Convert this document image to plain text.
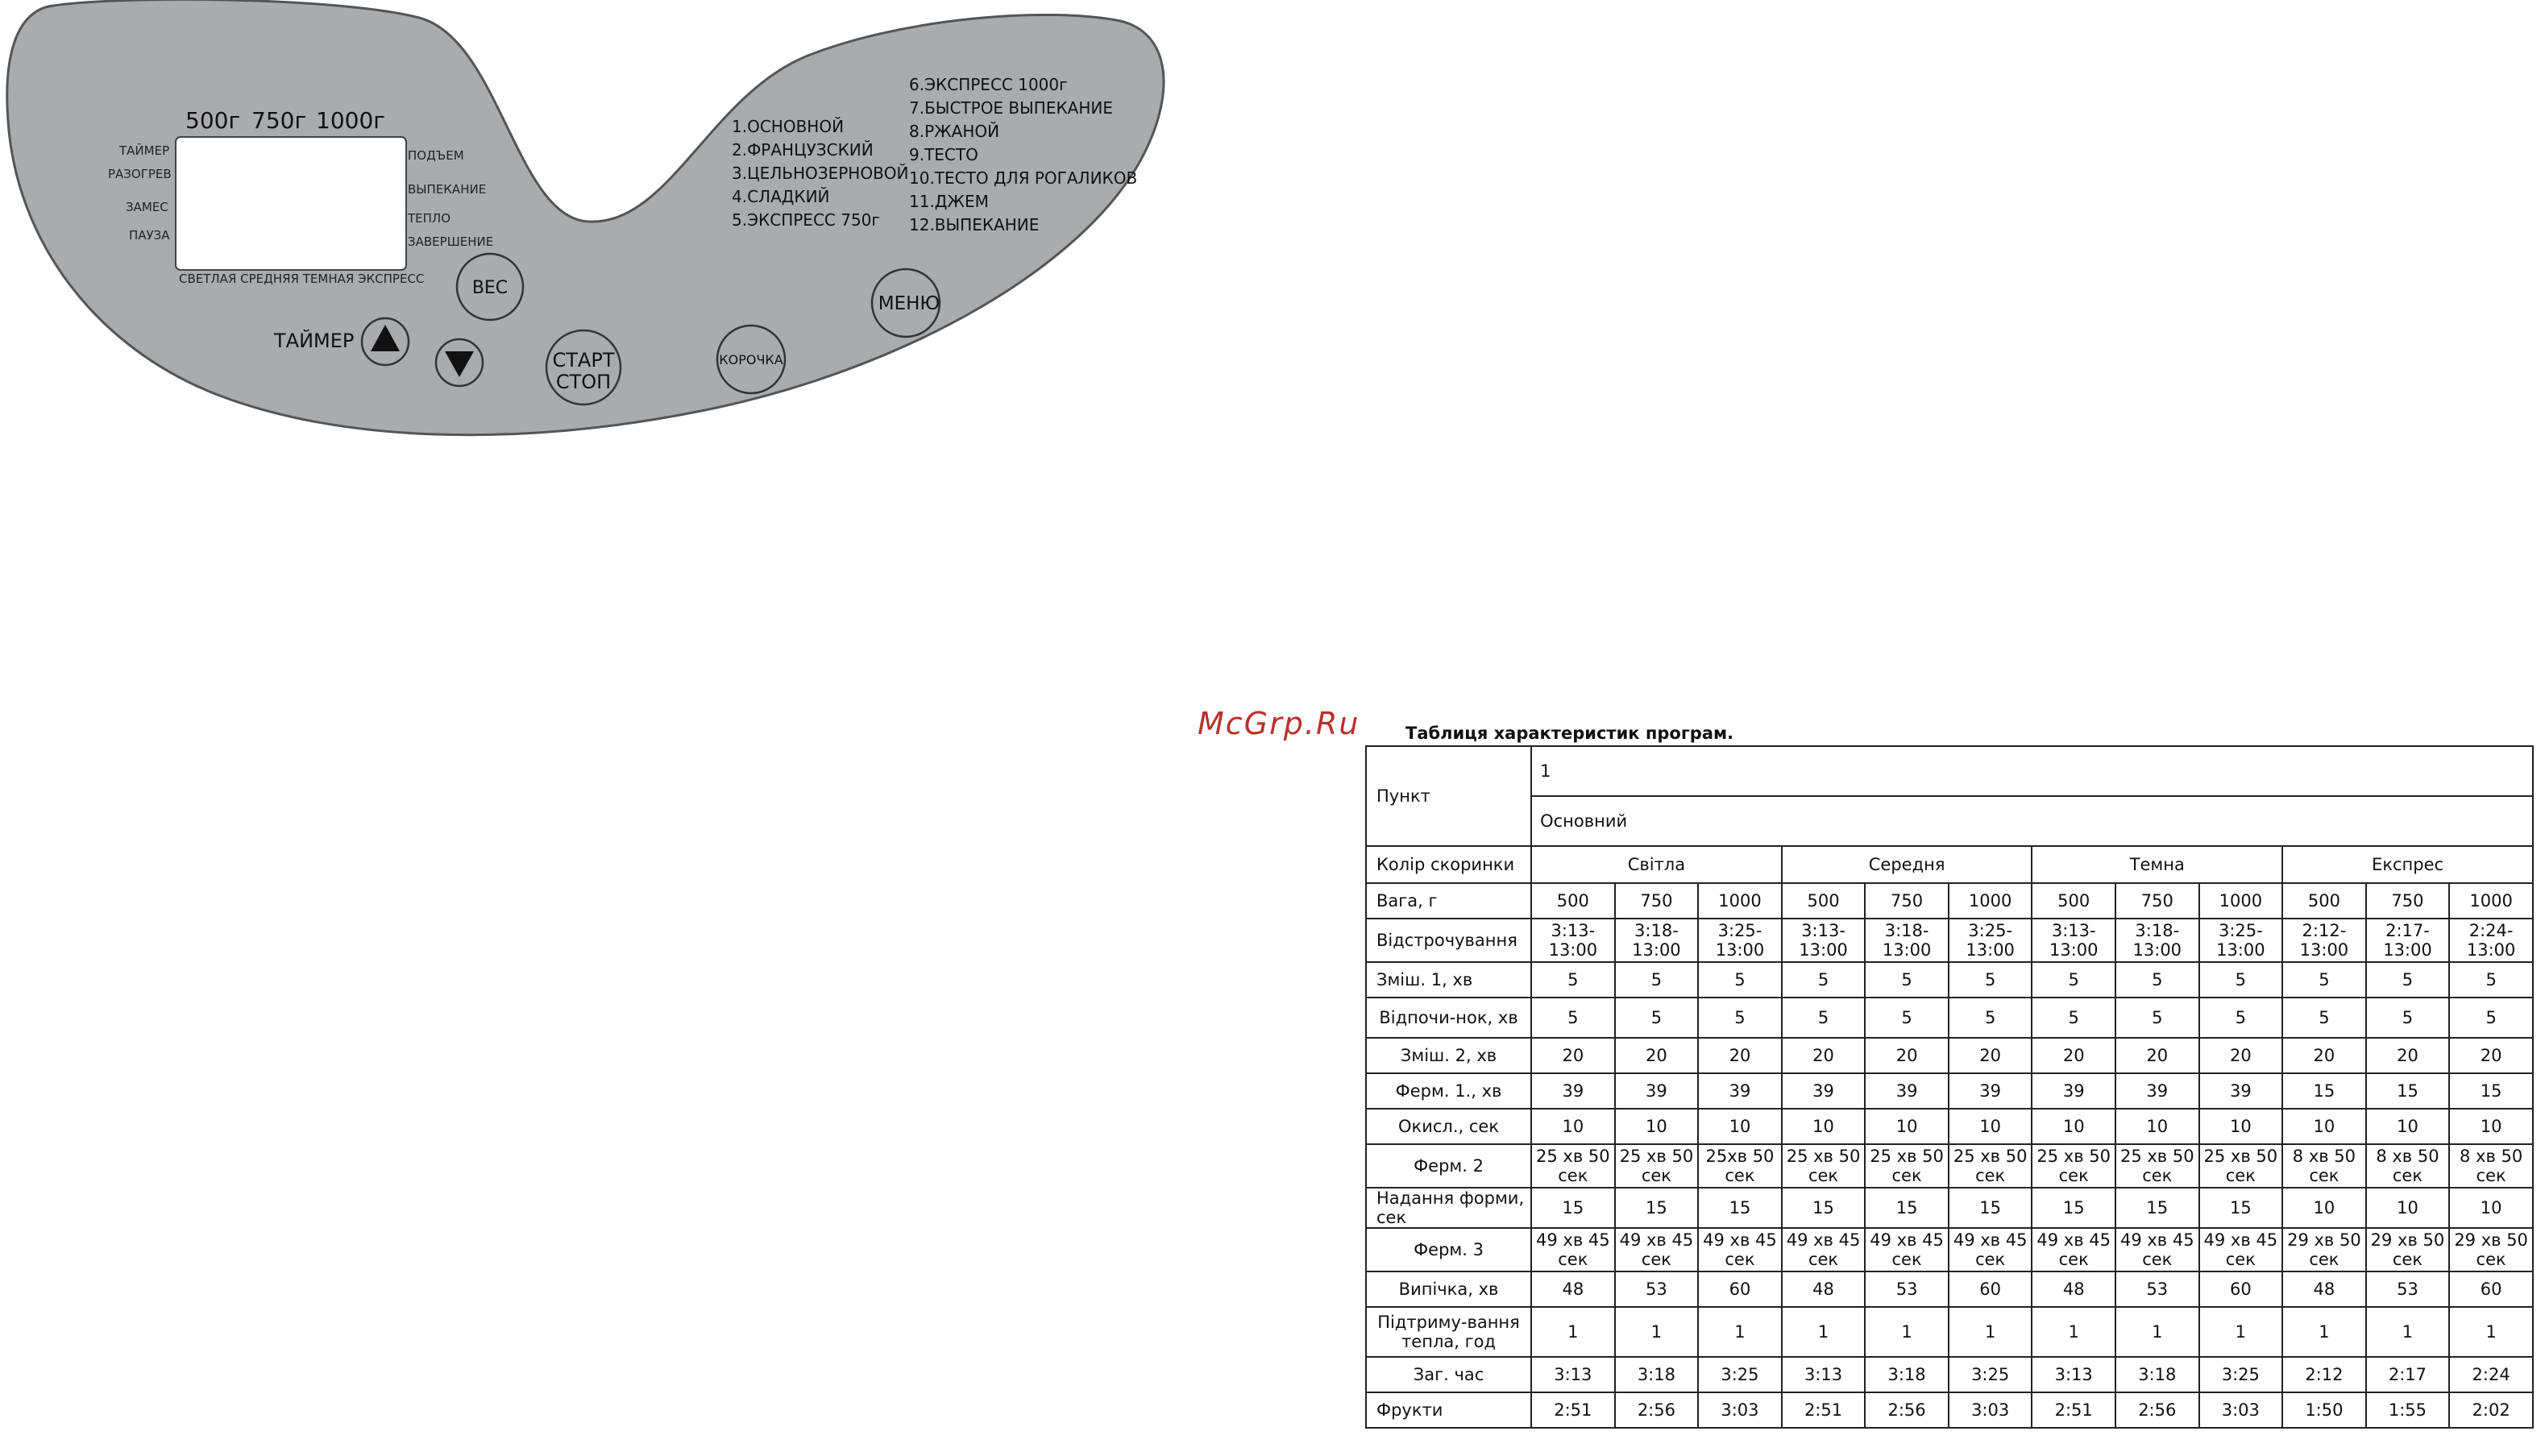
500г 750г 1000г
ТАЙМЕР
РАЗОГРЕВ
ЗАМЕС
ПАУЗА
ПОДЪЕМ
ВЫПЕКАНИЕ
ТЕПЛО
ЗАВЕРШЕНИЕ
СВЕТЛАЯ СРЕДНЯЯ ТЕМНАЯ ЭКСПРЕСС
1.ОСНОВНОЙ
2.ФРАНЦУЗСКИЙ
3.ЦЕЛЬНОЗЕРНОВОЙ
4.СЛАДКИЙ
5.ЭКСПРЕСС 750г
6.ЭКСПРЕСС 1000г
7.БЫСТРОЕ ВЫПЕКАНИЕ
8.РЖАНОЙ
9.ТЕСТО
10.ТЕСТО ДЛЯ РОГАЛИКОВ
11.ДЖЕМ
12.ВЫПЕКАНИЕ
ВЕС
ТАЙМЕР
СТАРТ
СТОП
КОРОЧКА
МЕНЮ
McGrp.Ru	Таблиця характеристик програм.
Пункт	1											
	Основний											
Колір скоринки	Світла			Середня			Темна			Експрес		
Вага, г	500	750	1000	500	750	1000	500	750	1000	500	750	1000
Відстрочування	3:13-13:00	3:18-13:00	3:25-13:00	3:13-13:00	3:18-13:00	3:25-13:00	3:13-13:00	3:18-13:00	3:25-13:00	2:12-13:00	2:17-13:00	2:24-13:00
Зміш. 1, хв	5	5	5	5	5	5	5	5	5	5	5	5
Відпочи-нок, хв	5	5	5	5	5	5	5	5	5	5	5	5
Зміш. 2, хв	20	20	20	20	20	20	20	20	20	20	20	20
Ферм. 1., хв	39	39	39	39	39	39	39	39	39	15	15	15
Окисл., сек	10	10	10	10	10	10	10	10	10	10	10	10
Ферм. 2	25 хв 50 сек	25 хв 50 сек	25хв 50 сек	25 хв 50 сек	25 хв 50 сек	25 хв 50 сек	25 хв 50 сек	25 хв 50 сек	25 хв 50 сек	8 хв 50 сек	8 хв 50 сек	8 хв 50 сек
Надання форми, сек	15	15	15	15	15	15	15	15	15	10	10	10
Ферм. 3	49 хв 45 сек	49 хв 45 сек	49 хв 45 сек	49 хв 45 сек	49 хв 45 сек	49 хв 45 сек	49 хв 45 сек	49 хв 45 сек	49 хв 45 сек	29 хв 50 сек	29 хв 50 сек	29 хв 50 сек
Випічка, хв	48	53	60	48	53	60	48	53	60	48	53	60
Підтриму-вання тепла, год	1	1	1	1	1	1	1	1	1	1	1	1
Заг. час	3:13	3:18	3:25	3:13	3:18	3:25	3:13	3:18	3:25	2:12	2:17	2:24
Фрукти	2:51	2:56	3:03	2:51	2:56	3:03	2:51	2:56	3:03	1:50	1:55	2:02
